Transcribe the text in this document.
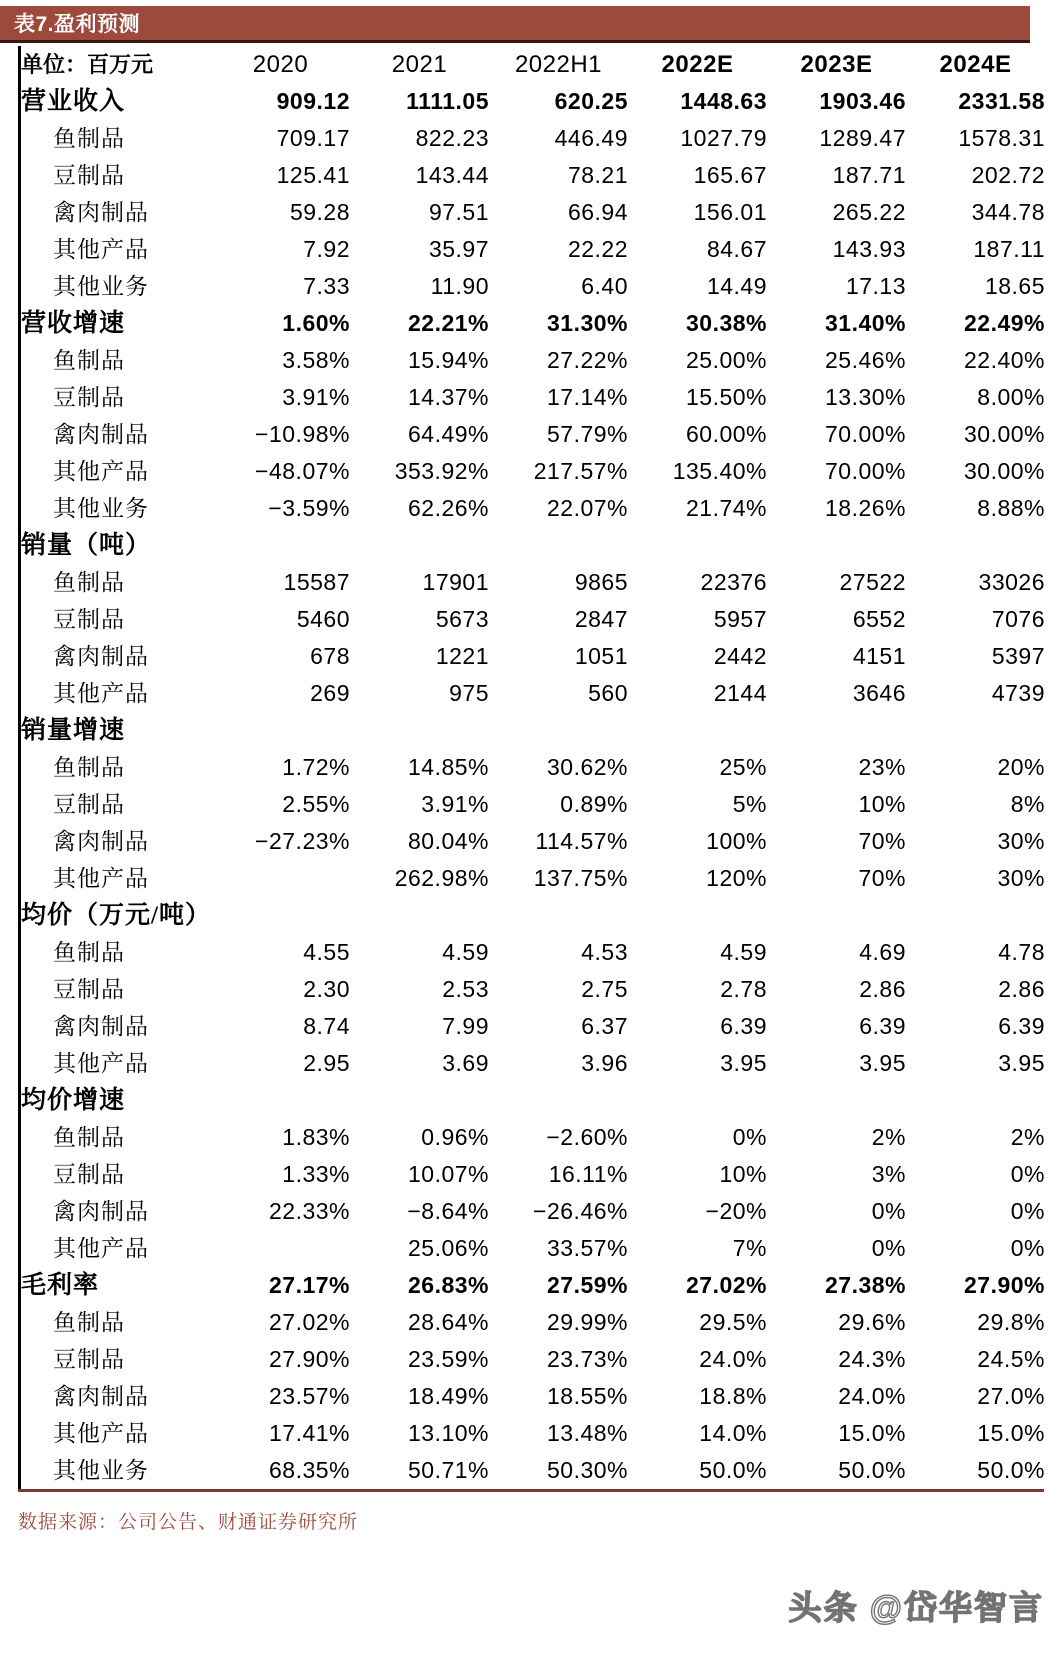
表7.盈利预测
单位：百万元	2020	2021	2022H1	2022E	2023E	2024E
营业收入	909.12	1111.05	620.25	1448.63	1903.46	2331.58
鱼制品	709.17	822.23	446.49	1027.79	1289.47	1578.31
豆制品	125.41	143.44	78.21	165.67	187.71	202.72
禽肉制品	59.28	97.51	66.94	156.01	265.22	344.78
其他产品	7.92	35.97	22.22	84.67	143.93	187.11
其他业务	7.33	11.90	6.40	14.49	17.13	18.65
营收增速	1.60%	22.21%	31.30%	30.38%	31.40%	22.49%
鱼制品	3.58%	15.94%	27.22%	25.00%	25.46%	22.40%
豆制品	3.91%	14.37%	17.14%	15.50%	13.30%	8.00%
禽肉制品	−10.98%	64.49%	57.79%	60.00%	70.00%	30.00%
其他产品	−48.07%	353.92%	217.57%	135.40%	70.00%	30.00%
其他业务	−3.59%	62.26%	22.07%	21.74%	18.26%	8.88%
销量（吨）						
鱼制品	15587	17901	9865	22376	27522	33026
豆制品	5460	5673	2847	5957	6552	7076
禽肉制品	678	1221	1051	2442	4151	5397
其他产品	269	975	560	2144	3646	4739
销量增速						
鱼制品	1.72%	14.85%	30.62%	25%	23%	20%
豆制品	2.55%	3.91%	0.89%	5%	10%	8%
禽肉制品	−27.23%	80.04%	114.57%	100%	70%	30%
其他产品		262.98%	137.75%	120%	70%	30%
均价（万元/吨）						
鱼制品	4.55	4.59	4.53	4.59	4.69	4.78
豆制品	2.30	2.53	2.75	2.78	2.86	2.86
禽肉制品	8.74	7.99	6.37	6.39	6.39	6.39
其他产品	2.95	3.69	3.96	3.95	3.95	3.95
均价增速						
鱼制品	1.83%	0.96%	−2.60%	0%	2%	2%
豆制品	1.33%	10.07%	16.11%	10%	3%	0%
禽肉制品	22.33%	−8.64%	−26.46%	−20%	0%	0%
其他产品		25.06%	33.57%	7%	0%	0%
毛利率	27.17%	26.83%	27.59%	27.02%	27.38%	27.90%
鱼制品	27.02%	28.64%	29.99%	29.5%	29.6%	29.8%
豆制品	27.90%	23.59%	23.73%	24.0%	24.3%	24.5%
禽肉制品	23.57%	18.49%	18.55%	18.8%	24.0%	27.0%
其他产品	17.41%	13.10%	13.48%	14.0%	15.0%	15.0%
其他业务	68.35%	50.71%	50.30%	50.0%	50.0%	50.0%
数据来源：公司公告、财通证券研究所
头条 @岱华智言
